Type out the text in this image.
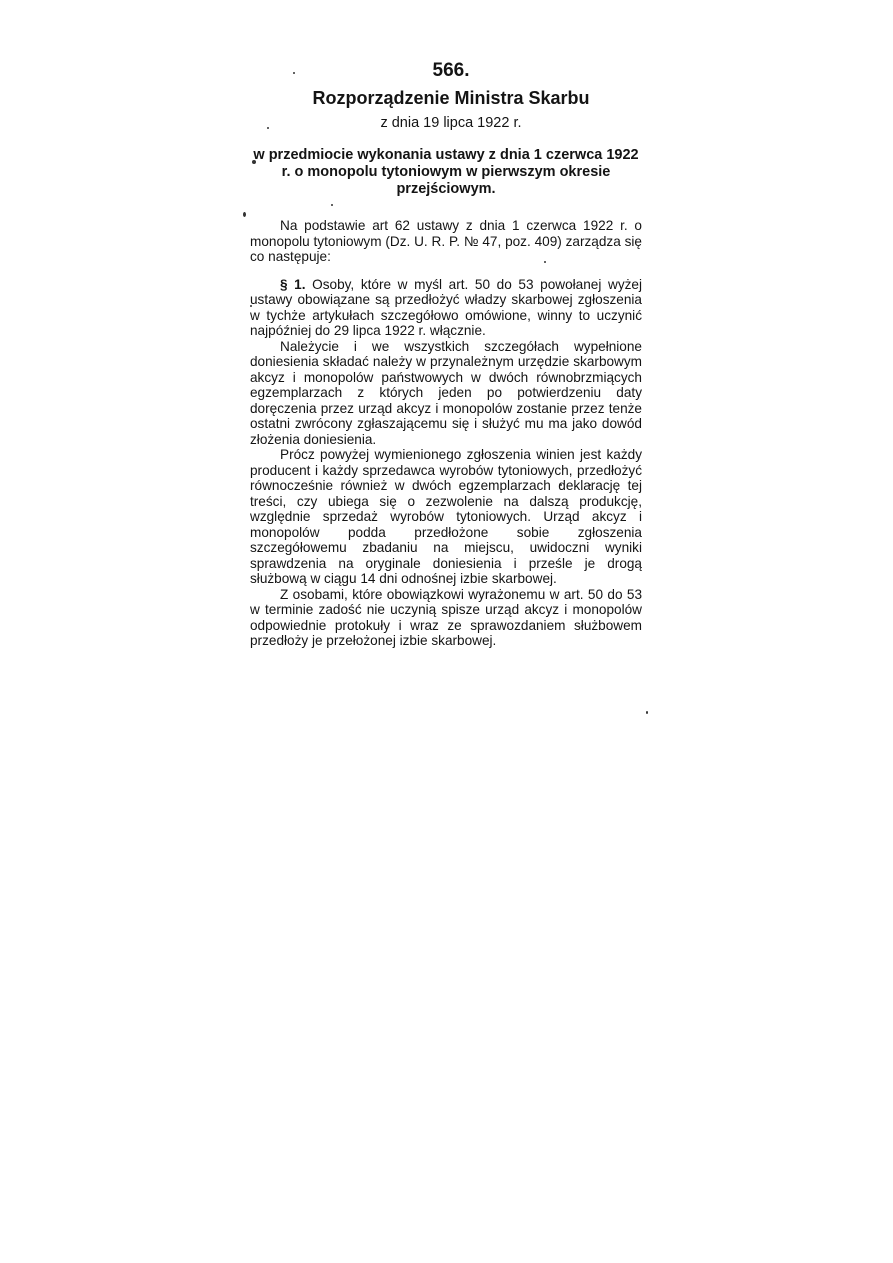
566.
Rozporządzenie Ministra Skarbu
z dnia 19 lipca 1922 r.
w przedmiocie wykonania ustawy z dnia 1 czerwca 1922 r. o monopolu tytoniowym w pierwszym okresie przejściowym.

Na podstawie art 62 ustawy z dnia 1 czerwca 1922 r. o monopolu tytoniowym (Dz. U. R. P. № 47, poz. 409) zarządza się co następuje:

§ 1. Osoby, które w myśl art. 50 do 53 powołanej wyżej ustawy obowiązane są przedłożyć władzy skarbowej zgłoszenia w tychże artykułach szczegółowo omówione, winny to uczynić najpóźniej do 29 lipca 1922 r. włącznie.

Należycie i we wszystkich szczegółach wypełnione doniesienia składać należy w przynależnym urzędzie skarbowym akcyz i monopolów państwowych w dwóch równobrzmiących egzemplarzach z których jeden po potwierdzeniu daty doręczenia przez urząd akcyz i monopolów zostanie przez tenże ostatni zwrócony zgłaszającemu się i służyć mu ma jako dowód złożenia doniesienia.

Prócz powyżej wymienionego zgłoszenia winien jest każdy producent i każdy sprzedawca wyrobów tytoniowych, przedłożyć równocześnie również w dwóch egzemplarzach deklarację tej treści, czy ubiega się o zezwolenie na dalszą produkcję, względnie sprzedaż wyrobów tytoniowych. Urząd akcyz i monopolów podda przedłożone sobie zgłoszenia szczegółowemu zbadaniu na miejscu, uwidoczni wyniki sprawdzenia na oryginale doniesienia i prześle je drogą służbową w ciągu 14 dni odnośnej izbie skarbowej.

Z osobami, które obowiązkowi wyrażonemu w art. 50 do 53 w terminie zadość nie uczynią spisze urząd akcyz i monopolów odpowiednie protokuły i wraz ze sprawozdaniem służbowem przedłoży je przełożonej izbie skarbowej.
